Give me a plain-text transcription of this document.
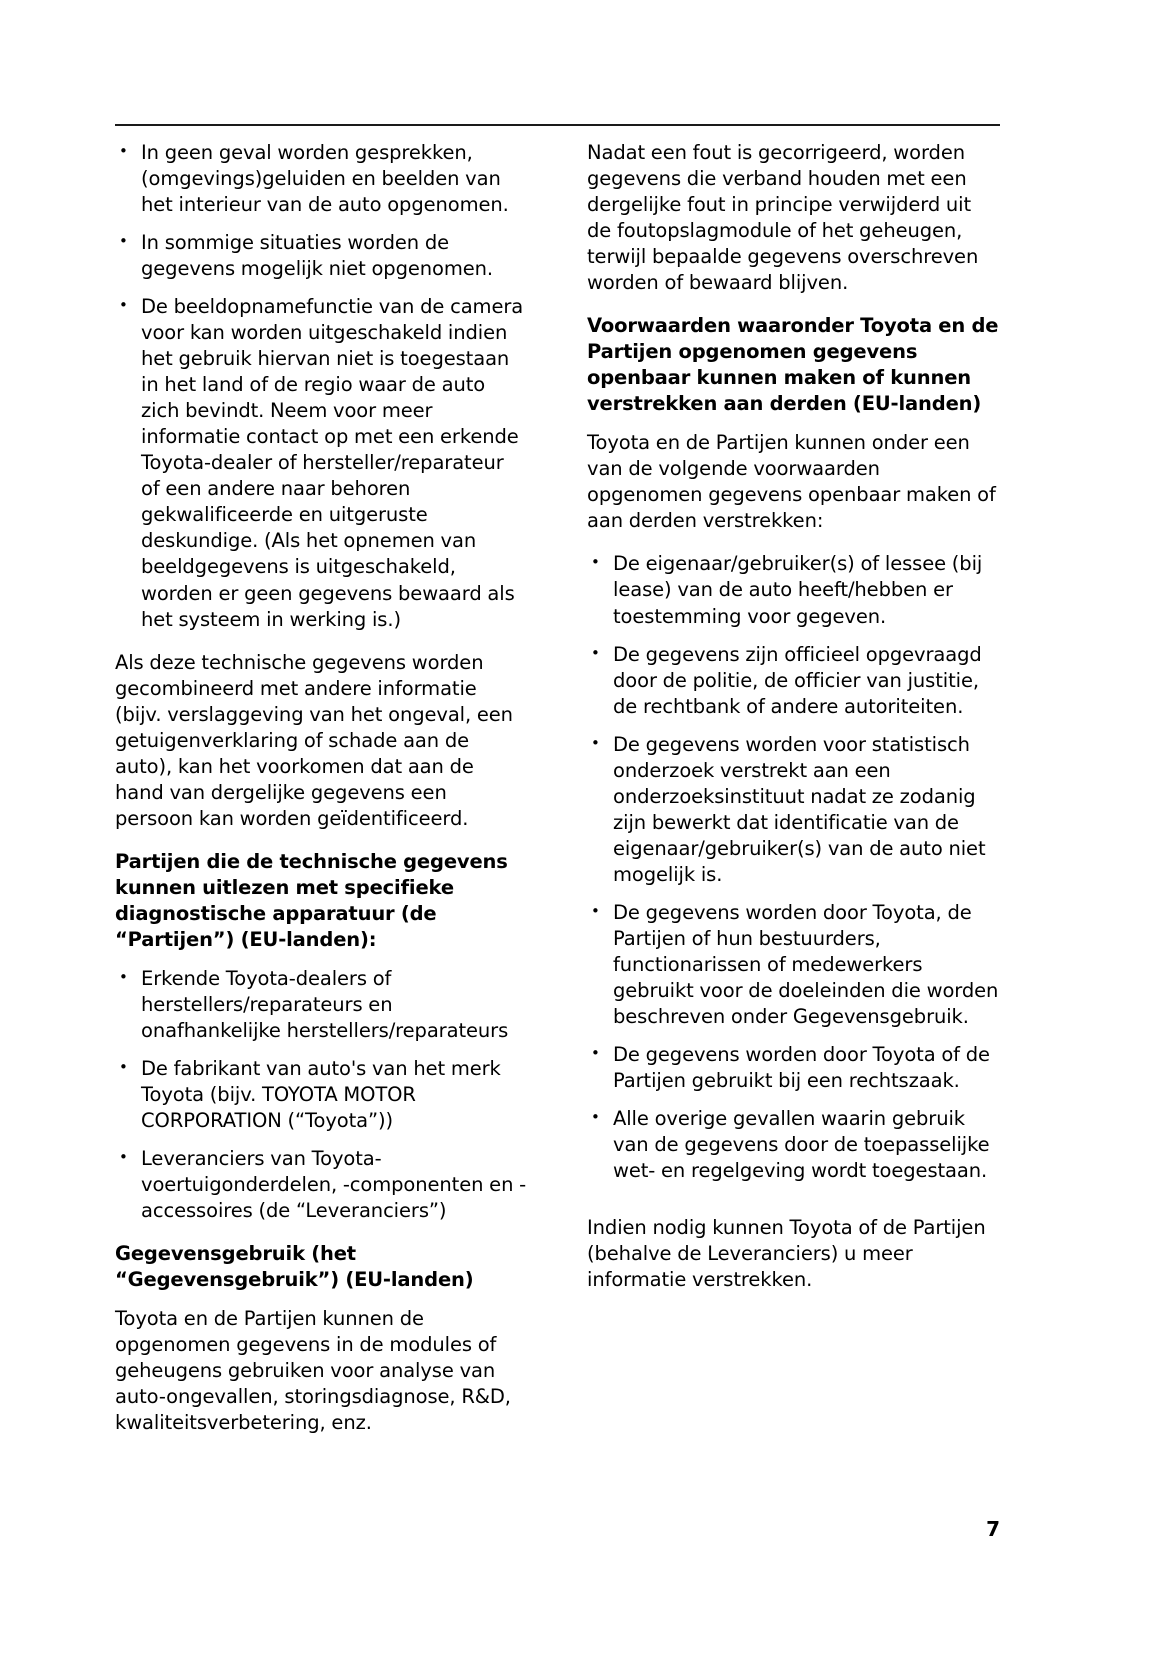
• In geen geval worden gesprekken, (omgevings)geluiden en beelden van het interieur van de auto opgenomen.
• In sommige situaties worden de gegevens mogelijk niet opgenomen.
• De beeldopnamefunctie van de camera voor kan worden uitgeschakeld indien het gebruik hiervan niet is toegestaan in het land of de regio waar de auto zich bevindt. Neem voor meer informatie contact op met een erkende Toyota-dealer of hersteller/reparateur of een andere naar behoren gekwalificeerde en uitgeruste deskundige. (Als het opnemen van beeldgegevens is uitgeschakeld, worden er geen gegevens bewaard als het systeem in werking is.)

Als deze technische gegevens worden gecombineerd met andere informatie (bijv. verslaggeving van het ongeval, een getuigenverklaring of schade aan de auto), kan het voorkomen dat aan de hand van dergelijke gegevens een persoon kan worden geïdentificeerd.

Partijen die de technische gegevens kunnen uitlezen met specifieke diagnostische apparatuur (de “Partijen”) (EU-landen):
• Erkende Toyota-dealers of herstellers/reparateurs en onafhankelijke herstellers/reparateurs
• De fabrikant van auto's van het merk Toyota (bijv. TOYOTA MOTOR CORPORATION (“Toyota”))
• Leveranciers van Toyota-voertuigonderdelen, -componenten en -accessoires (de “Leveranciers”)
Gegevensgebruik (het “Gegevensgebruik”) (EU-landen)

Toyota en de Partijen kunnen de opgenomen gegevens in de modules of geheugens gebruiken voor analyse van auto-ongevallen, storingsdiagnose, R&D, kwaliteitsverbetering, enz.

Nadat een fout is gecorrigeerd, worden gegevens die verband houden met een dergelijke fout in principe verwijderd uit de foutopslagmodule of het geheugen, terwijl bepaalde gegevens overschreven worden of bewaard blijven.

Voorwaarden waaronder Toyota en de Partijen opgenomen gegevens openbaar kunnen maken of kunnen verstrekken aan derden (EU-landen)

Toyota en de Partijen kunnen onder een van de volgende voorwaarden opgenomen gegevens openbaar maken of aan derden verstrekken:

• De eigenaar/gebruiker(s) of lessee (bij lease) van de auto heeft/hebben er toestemming voor gegeven.
• De gegevens zijn officieel opgevraagd door de politie, de officier van justitie, de rechtbank of andere autoriteiten.
• De gegevens worden voor statistisch onderzoek verstrekt aan een onderzoeksinstituut nadat ze zodanig zijn bewerkt dat identificatie van de eigenaar/gebruiker(s) van de auto niet mogelijk is.
• De gegevens worden door Toyota, de Partijen of hun bestuurders, functionarissen of medewerkers gebruikt voor de doeleinden die worden beschreven onder Gegevensgebruik.
• De gegevens worden door Toyota of de Partijen gebruikt bij een rechtszaak.
• Alle overige gevallen waarin gebruik van de gegevens door de toepasselijke wet- en regelgeving wordt toegestaan.

Indien nodig kunnen Toyota of de Partijen (behalve de Leveranciers) u meer informatie verstrekken.

7
